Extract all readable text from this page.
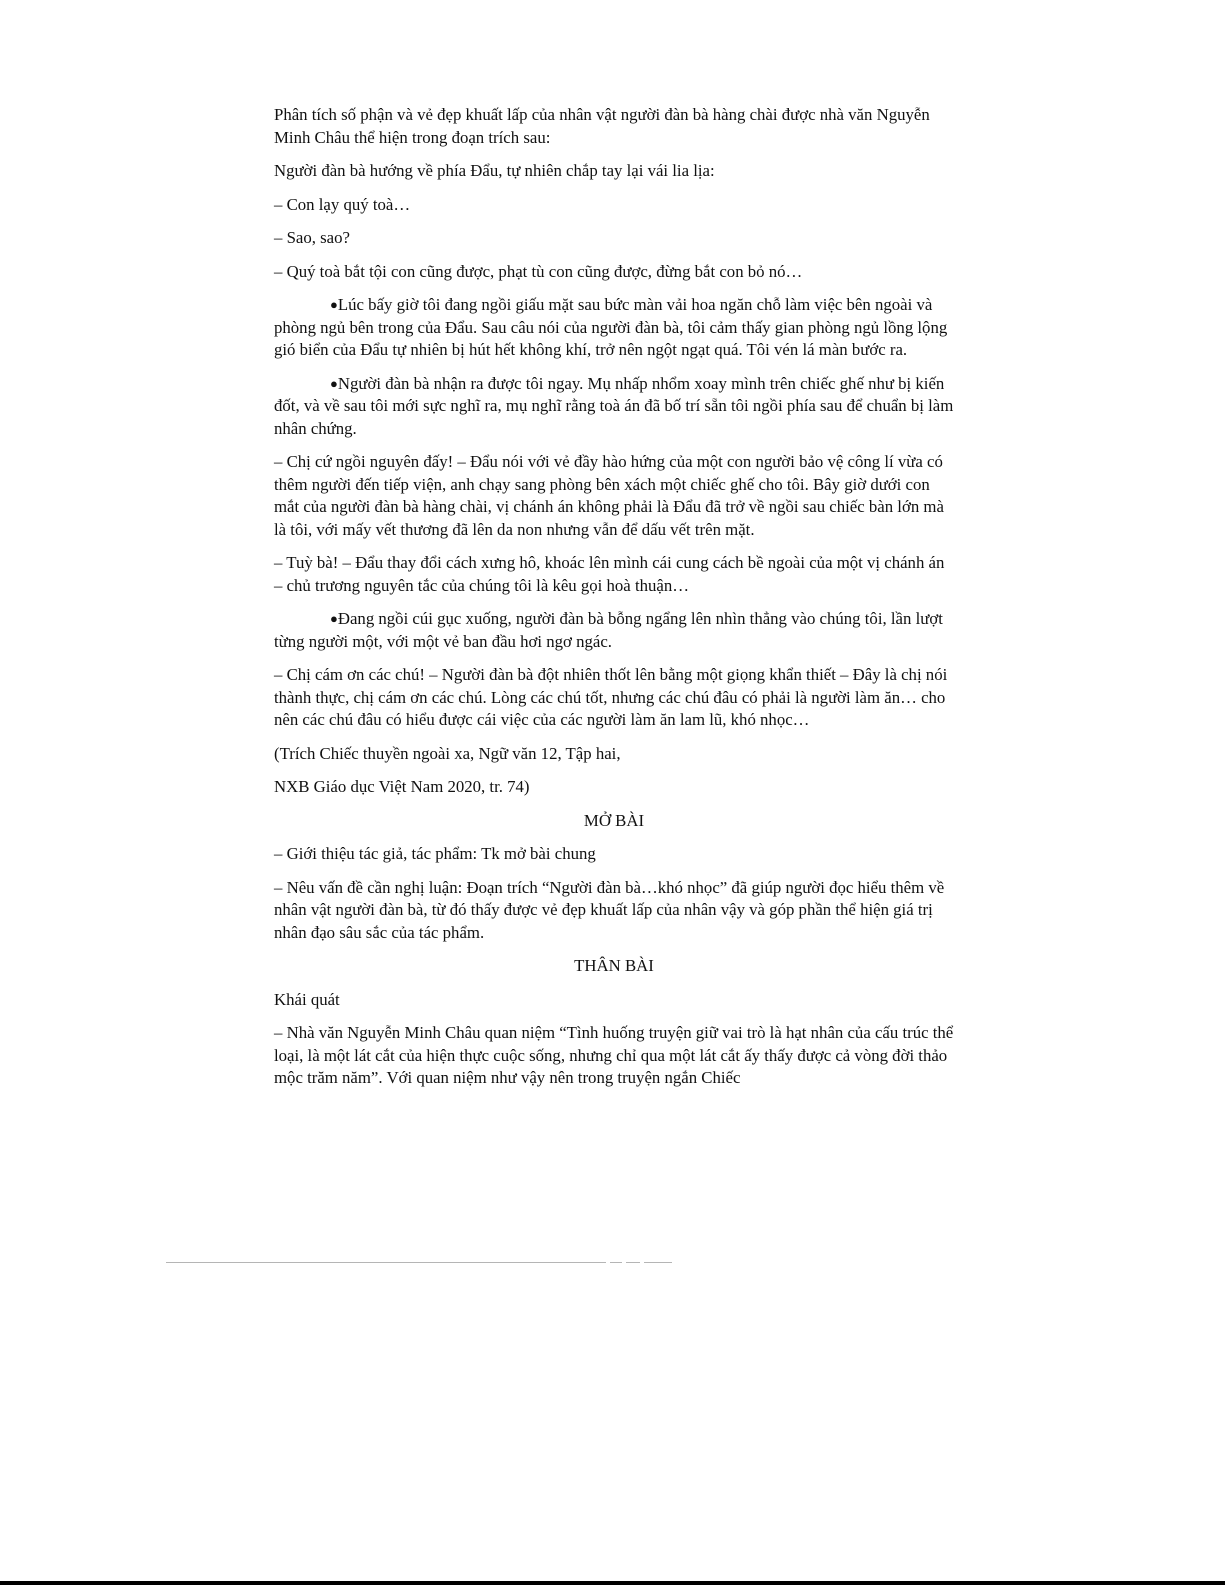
Phân tích số phận và vẻ đẹp khuất lấp của nhân vật người đàn bà hàng chài được nhà văn Nguyễn Minh Châu thể hiện trong đoạn trích sau:

Người đàn bà hướng về phía Đẩu, tự nhiên chắp tay lại vái lia lịa:

– Con lạy quý toà…

– Sao, sao?

– Quý toà bắt tội con cũng được, phạt tù con cũng được, đừng bắt con bỏ nó…

●Lúc bấy giờ tôi đang ngồi giấu mặt sau bức màn vải hoa ngăn chỗ làm việc bên ngoài và phòng ngủ bên trong của Đẩu. Sau câu nói của người đàn bà, tôi cảm thấy gian phòng ngủ lồng lộng gió biển của Đẩu tự nhiên bị hút hết không khí, trở nên ngột ngạt quá. Tôi vén lá màn bước ra.

●Người đàn bà nhận ra được tôi ngay. Mụ nhấp nhổm xoay mình trên chiếc ghế như bị kiến đốt, và về sau tôi mới sực nghĩ ra, mụ nghĩ rằng toà án đã bố trí sẵn tôi ngồi phía sau để chuẩn bị làm nhân chứng.

– Chị cứ ngồi nguyên đấy! – Đẩu nói với vẻ đầy hào hứng của một con người bảo vệ công lí vừa có thêm người đến tiếp viện, anh chạy sang phòng bên xách một chiếc ghế cho tôi. Bây giờ dưới con mắt của người đàn bà hàng chài, vị chánh án không phải là Đẩu đã trở về ngồi sau chiếc bàn lớn mà là tôi, với mấy vết thương đã lên da non nhưng vẫn để dấu vết trên mặt.

– Tuỳ bà! – Đẩu thay đổi cách xưng hô, khoác lên mình cái cung cách bề ngoài của một vị chánh án – chủ trương nguyên tắc của chúng tôi là kêu gọi hoà thuận…

●Đang ngồi cúi gục xuống, người đàn bà bỗng ngẩng lên nhìn thẳng vào chúng tôi, lần lượt từng người một, với một vẻ ban đầu hơi ngơ ngác.

– Chị cám ơn các chú! – Người đàn bà đột nhiên thốt lên bằng một giọng khẩn thiết – Đây là chị nói thành thực, chị cám ơn các chú. Lòng các chú tốt, nhưng các chú đâu có phải là người làm ăn… cho nên các chú đâu có hiểu được cái việc của các người làm ăn lam lũ, khó nhọc…

(Trích Chiếc thuyền ngoài xa, Ngữ văn 12, Tập hai,

NXB Giáo dục Việt Nam 2020, tr. 74)

MỞ BÀI

– Giới thiệu tác giả, tác phẩm: Tk mở bài chung

– Nêu vấn đề cần nghị luận: Đoạn trích “Người đàn bà…khó nhọc” đã giúp người đọc hiểu thêm về nhân vật người đàn bà, từ đó thấy được vẻ đẹp khuất lấp của nhân vậy và góp phần thể hiện giá trị nhân đạo sâu sắc của tác phẩm.

THÂN BÀI

Khái quát

– Nhà văn Nguyễn Minh Châu quan niệm “Tình huống truyện giữ vai trò là hạt nhân của cấu trúc thể loại, là một lát cắt của hiện thực cuộc sống, nhưng chỉ qua một lát cắt ấy thấy được cả vòng đời thảo mộc trăm năm”. Với quan niệm như vậy nên trong truyện ngắn Chiếc
